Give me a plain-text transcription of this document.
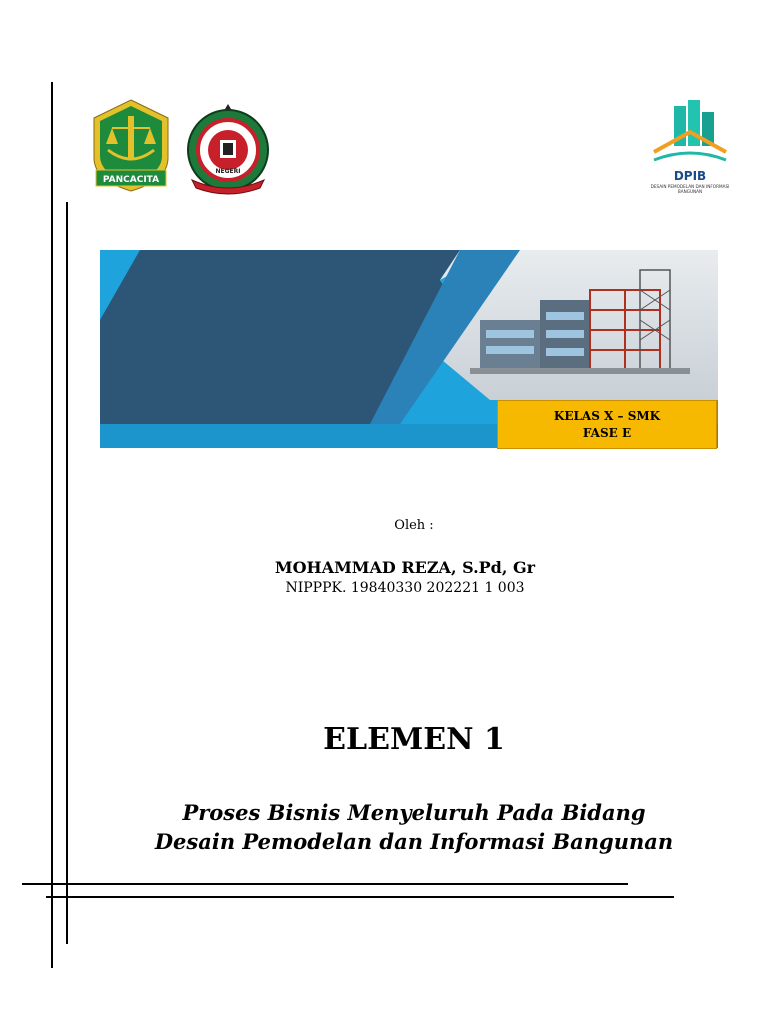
PANCACITA
NEGERI	DPIB
DESAIN PEMODELAN DAN INFORMASI BANGUNAN
KELAS X – SMK
FASE E
Oleh :
MOHAMMAD REZA, S.Pd, Gr
NIPPPK. 19840330 202221 1 003
ELEMEN 1
Proses Bisnis Menyeluruh Pada Bidang
Desain Pemodelan dan Informasi Bangunan
